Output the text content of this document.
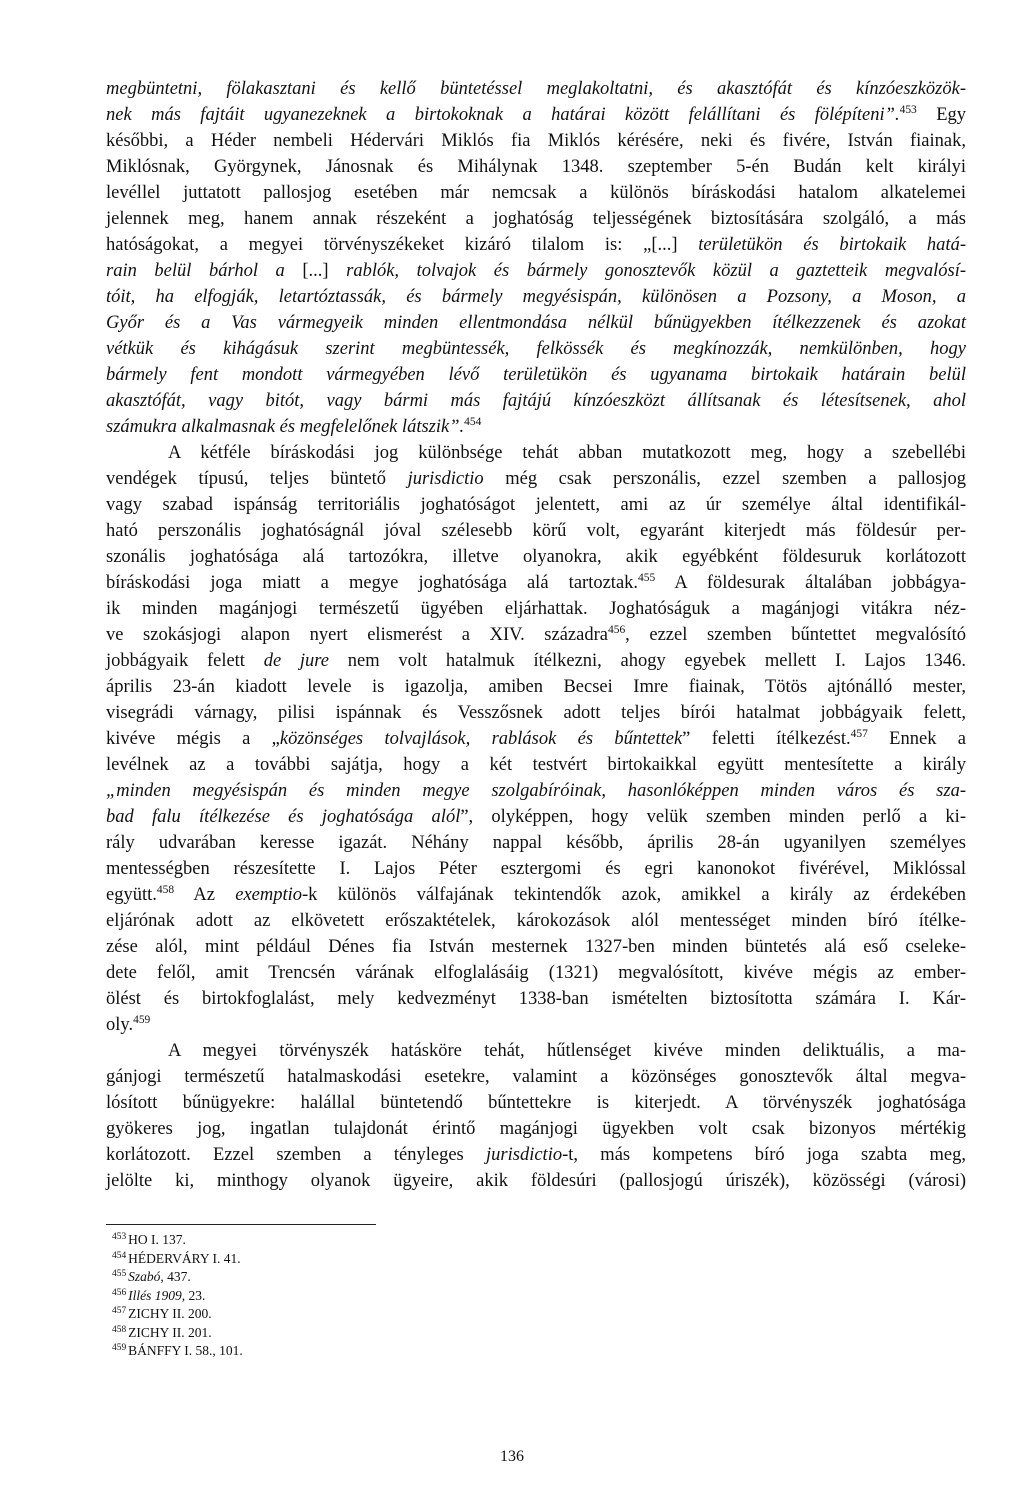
megbüntetni, fölakasztani és kellő büntetéssel meglakoltatni, és akasztófát és kínzóeszközök-
nek más fajtáit ugyanezeknek a birtokoknak a határai között felállítani és fölépíteni”.$^{453}$ Egy
későbbi, a Héder nembeli Hédervári Miklós fia Miklós kérésére, neki és fivére, István fiainak,
Miklósnak, Györgynek, Jánosnak és Mihálynak 1348. szeptember 5-én Budán kelt királyi
levéllel juttatott pallosjog esetében már nemcsak a különös bíráskodási hatalom alkatelemei
jelennek meg, hanem annak részeként a joghatóság teljességének biztosítására szolgáló, a más
hatóságokat, a megyei törvényszékeket kizáró tilalom is: „[...] területükön és birtokaik hatá-
rain belül bárhol a [...] rablók, tolvajok és bármely gonosztevők közül a gaztetteik megvalósí-
tóit, ha elfogják, letartóztassák, és bármely megyésispán, különösen a Pozsony, a Moson, a
Győr és a Vas vármegyeik minden ellentmondása nélkül bűnügyekben ítélkezzenek és azokat
vétkük és kihágásuk szerint megbüntessék, felkössék és megkínozzák, nemkülönben, hogy
bármely fent mondott vármegyében lévő területükön és ugyanama birtokaik határain belül
akasztófát, vagy bitót, vagy bármi más fajtájú kínzóeszközt állítsanak és létesítsenek, ahol
számukra alkalmasnak és megfelelőnek látszik”.$^{454}$
A kétféle bíráskodási jog különbsége tehát abban mutatkozott meg, hogy a szebellébi
vendégek típusú, teljes büntető jurisdictio még csak perszonális, ezzel szemben a pallosjog
vagy szabad ispánság territoriális joghatóságot jelentett, ami az úr személye által identifikál-
ható perszonális joghatóságnál jóval szélesebb körű volt, egyaránt kiterjedt más földesúr per-
szonális joghatósága alá tartozókra, illetve olyanokra, akik egyébként földesuruk korlátozott
bíráskodási joga miatt a megye joghatósága alá tartoztak.$^{455}$ A földesurak általában jobbágya-
ik minden magánjogi természetű ügyében eljárhattak. Joghatóságuk a magánjogi vitákra néz-
ve szokásjogi alapon nyert elismerést a XIV. századra$^{456}$, ezzel szemben bűntettet megvalósító
jobbágyaik felett de jure nem volt hatalmuk ítélkezni, ahogy egyebek mellett I. Lajos 1346.
április 23-án kiadott levele is igazolja, amiben Becsei Imre fiainak, Tötös ajtónálló mester,
visegrádi várnagy, pilisi ispánnak és Vesszősnek adott teljes bírói hatalmat jobbágyaik felett,
kivéve mégis a „közönséges tolvajlások, rablások és bűntettek” feletti ítélkezést.$^{457}$ Ennek a
levélnek az a további sajátja, hogy a két testvért birtokaikkal együtt mentesítette a király
„minden megyésispán és minden megye szolgabíróinak, hasonlóképpen minden város és sza-
bad falu ítélkezése és joghatósága alól”, olyképpen, hogy velük szemben minden perlő a ki-
rály udvarában keresse igazát. Néhány nappal később, április 28-án ugyanilyen személyes
mentességben részesítette I. Lajos Péter esztergomi és egri kanonokot fivérével, Miklóssal
együtt.$^{458}$ Az exemptio-k különös válfajának tekintendők azok, amikkel a király az érdekében
eljárónak adott az elkövetett erőszaktételek, károkozások alól mentességet minden bíró ítélke-
zése alól, mint például Dénes fia István mesternek 1327-ben minden büntetés alá eső cseleke-
dete felől, amit Trencsén várának elfoglalásáig (1321) megvalósított, kivéve mégis az ember-
ölést és birtokfoglalást, mely kedvezményt 1338-ban ismételten biztosította számára I. Kár-
oly.$^{459}$
A megyei törvényszék hatásköre tehát, hűtlenséget kivéve minden deliktuális, a ma-
gánjogi természetű hatalmaskodási esetekre, valamint a közönséges gonosztevők által megva-
lósított bűnügyekre: halállal büntetendő bűntettekre is kiterjedt. A törvényszék joghatósága
gyökeres jog, ingatlan tulajdonát érintő magánjogi ügyekben volt csak bizonyos mértékig
korlátozott. Ezzel szemben a tényleges jurisdictio-t, más kompetens bíró joga szabta meg,
jelölte ki, minthogy olyanok ügyeire, akik földesúri (pallosjogú úriszék), közösségi (városi)
$^{453}$ HO I. 137.
$^{454}$ HÉDERVÁRY I. 41.
$^{455}$ Szabó, 437.
$^{456}$ Illés 1909, 23.
$^{457}$ ZICHY II. 200.
$^{458}$ ZICHY II. 201.
$^{459}$ BÁNFFY I. 58., 101.
136
